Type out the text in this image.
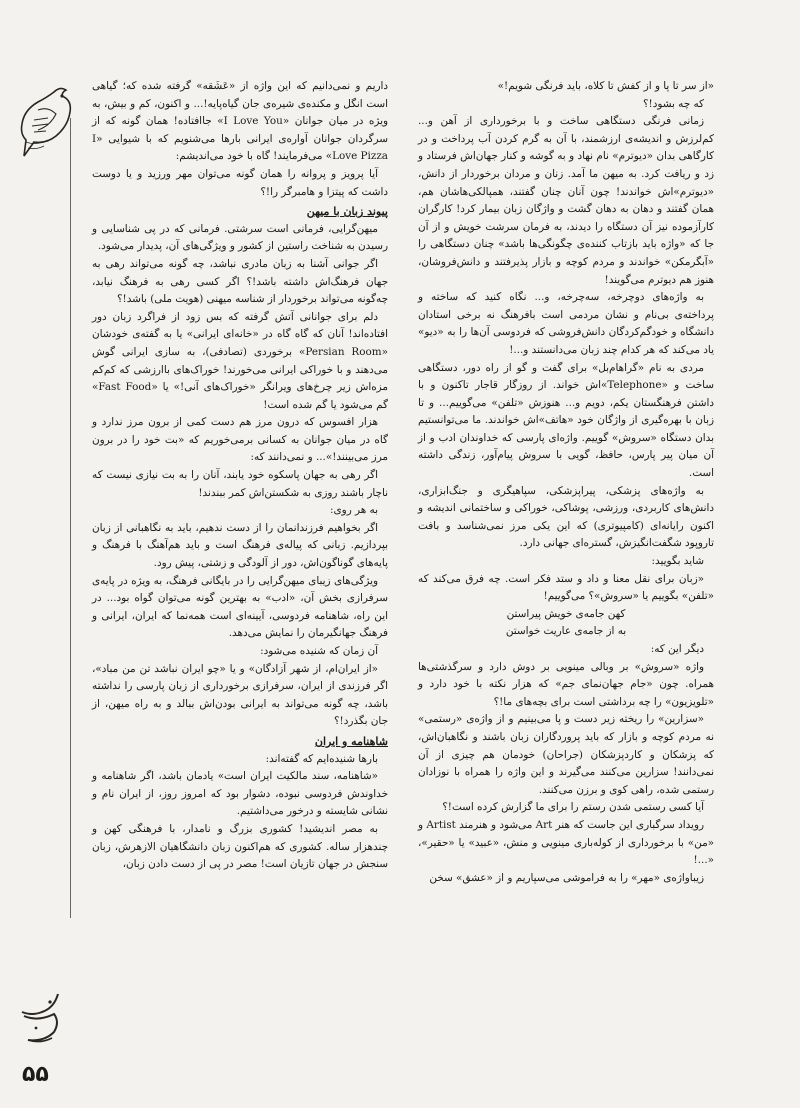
۵۵

«از سر تا پا و از کفش تا کلاه، باید فرنگی شویم!»

که چه بشود!؟

زمانی فرنگی دستگاهی ساخت و با برخورداری از آهن و... کم‌لرزش و اندیشه‌ی ارزشمند، با آن به گرم کردن آب پرداخت و در کارگاهی بدان «دیوترم» نام نهاد و به گوشه و کنار جهان‌اش فرستاد و زد و ریافت کرد. به میهن ما آمد. زنان و مردان برخوردار از دانش، «دیوترم»اش خواندند! چون آنان چنان گفتند، همپالکی‌هاشان هم، همان گفتند و دهان به دهان گشت و واژگان زبان بیمار کرد! کارگران کارآزموده نیز آن دستگاه را دیدند، به فرمان سرشت خویش و از آن جا که «واژه باید بازتاب کننده‌ی چگونگی‌ها باشد» چنان دستگاهی را «آبگرمکن» خواندند و مردم کوچه و بازار پذیرفتند و دانش‌فروشان، هنوز هم دیوترم می‌گویند!

به واژه‌های دوچرخه، سه‌چرخه، و... نگاه کنید که ساخته و پرداخته‌ی بی‌نام و نشان مردمی است بافرهنگ نه برخی استادان دانشگاه و خودگم‌کردگان دانش‌فروشی که فردوسی آن‌ها را به «دیو» یاد می‌کند که هر کدام چند زبان می‌دانستند و...!

مردی به نام «گراهام‌بل» برای گفت و گو از راه دور، دستگاهی ساخت و «Telephone»اش خواند. از روزگار قاجار تاکنون و با داشتن فرهنگستان یکم، دویم و... هنوزش «تلفن» می‌گوییم... و تا زبان با بهره‌گیری از واژگان خود «هاتف»اش خواندند. ما می‌توانستیم بدان دستگاه «سروش» گوییم. واژه‌ای پارسی که خداوندان ادب و از آن میان پیر پارس، حافظ، گویی با سروش پیام‌آور، زندگی داشته است.

به واژه‌های پزشکی، پیراپزشکی، سپاهیگری و جنگ‌ابزاری، دانش‌های کاربردی، ورزشی، پوشاکی، خوراکی و ساختمانی اندیشه و اکنون رایانه‌ای (کامپیوتری) که این یکی مرز نمی‌شناسد و بافت تاروپود شگفت‌انگیزش، گستره‌ای جهانی دارد.

شاید بگویید:

«زبان برای نقل معنا و داد و ستد فکر است. چه فرق می‌کند که «تلفن» بگوییم یا «سروش»؟ می‌گوییم!

کهن جامه‌ی خویش پیراستن

به از جامه‌ی عاریت خواستن

دیگر این که:

واژه «سروش» بر وبالی مینویی بر دوش دارد و سرگذشتی‌ها همراه. چون «جام جهان‌نمای جم» که هزار نکته با خود دارد و «تلویزیون» را چه برداشتی است برای بچه‌های ما!؟

«سزارین» را ریخته زیر دست و پا می‌بینیم و از واژه‌ی «رستمی» نه مردم کوچه و بازار که باید پروردگاران زبان باشند و نگاهبان‌اش، که پزشکان و کارد‌پزشکان (جراحان) خودمان هم چیزی از آن نمی‌دانند! سزارین می‌کنند می‌گیرند و این واژه را همراه با نوزادان رستمی شده، راهی کوی و برزن می‌کنند.

آیا کسی رستمی شدن رستم را برای ما گزارش کرده است!؟

رویداد سرگباری این جاست که هنر Art می‌شود و هنرمند Artist و «من» با برخورداری از کوله‌باری مینویی و منش، «عبید» یا «حقیر»، «...!

زیباواژه‌ی «مهر» را به فراموشی می‌سپاریم و از «عشق» سخن

داریم و نمی‌دانیم که این واژه از «عَشَقه» گرفته شده که؛ گیاهی است انگل و مکنده‌ی شیره‌ی جان گیاه‌پایه!... و اکنون، کم و بیش، به ویژه در میان جوانان «I Love You» جاافتاده! همان گونه که از سرگردان جوانان آواره‌ی ایرانی بارها می‌شنویم که با شیوایی «I Love Pizza» می‌فرمایند! گاه با خود می‌اندیشم:

آیا پرویز و پروانه را همان گونه می‌توان مهر ورزید و یا دوست داشت که پیتزا و هامبرگر را!؟

پیوند زبان با میهن

میهن‌گرایی، فرمانی است سرشتی. فرمانی که در پی شناسایی و رسیدن به شناخت راستین از کشور و ویژگی‌های آن، پدیدار می‌شود.

اگر جوانی آشنا به زبان مادری نباشد، چه گونه می‌تواند رهی به جهان فرهنگ‌اش داشته باشد!؟ اگر کسی رهی به فرهنگ نیابد، چه‌گونه می‌تواند برخوردار از شناسه میهنی (هویت ملی) باشد!؟

دلم برای جوانانی آتش گرفته که بس زود از فراگرد زبان دور افتاده‌اند! آنان که گاه گاه در «خانه‌ای ایرانی» یا به گفته‌ی خودشان «Persian Room» برخوردی (تصادفی)، به سازی ایرانی گوش می‌دهند و با خوراکی ایرانی می‌خورند! خوراک‌های باارزشی که کم‌کم مزه‌اش زیر چرخ‌های ویرانگر «خوراک‌های آنی!» یا «Fast Food» گم می‌شود یا گم شده است!

هزار افسوس که درون مرز هم دست کمی از برون مرز ندارد و گاه در میان جوانان به کسانی برمی‌خوریم که «بت خود را در برون مرز می‌بینند!»... و نمی‌دانند که:

اگر رهی به جهان پاسکوه خود یابند، آنان را به بت نیازی نیست که ناچار باشند روزی به شکستن‌اش کمر ببندند!

به هر روی:

اگر بخواهیم فرزندانمان را از دست ندهیم، باید به نگاهبانی از زبان بپردازیم. زبانی که پیاله‌ی فرهنگ است و باید هم‌آهنگ با فرهنگ و پایه‌های گوناگون‌اش، دور از آلودگی و زشتی، پیش رود.

ویژگی‌های زیبای میهن‌گرایی را در بایگانی فرهنگ، به ویژه در پایه‌ی سرفرازی بخش آن، «ادب» به بهترین گونه می‌توان گواه بود... در این راه، شاهنامه فردوسی، آیینه‌ای است همه‌نما که ایران، ایرانی و فرهنگ جهانگیرمان را نمایش می‌دهد.

آن زمان که شنیده می‌شود:

«از ایران‌ام، از شهر آزادگان» و یا «چو ایران نباشد تن من مباد»، اگر فرزندی از ایران، سرفرازی برخورداری از زبان پارسی را نداشته باشد، چه گونه می‌تواند به ایرانی بودن‌اش ببالد و به راه میهن، از جان بگذرد!؟

شاهنامه و ایران

بارها شنیده‌ایم که گفته‌اند:

«شاهنامه، سند مالکیت ایران است» یادمان باشد، اگر شاهنامه و خداوندش فردوسی نبوده، دشوار بود که امروز روز، از ایران نام و نشانی شایسته و درخور می‌داشتیم.

به مصر اندیشید! کشوری بزرگ و نامدار، با فرهنگی کهن و چندهزار ساله. کشوری که هم‌اکنون زبان دانشگاهیان الازهرش، زبان سنجش در جهان تازیان است! مصر در پی از دست دادن زبان،
